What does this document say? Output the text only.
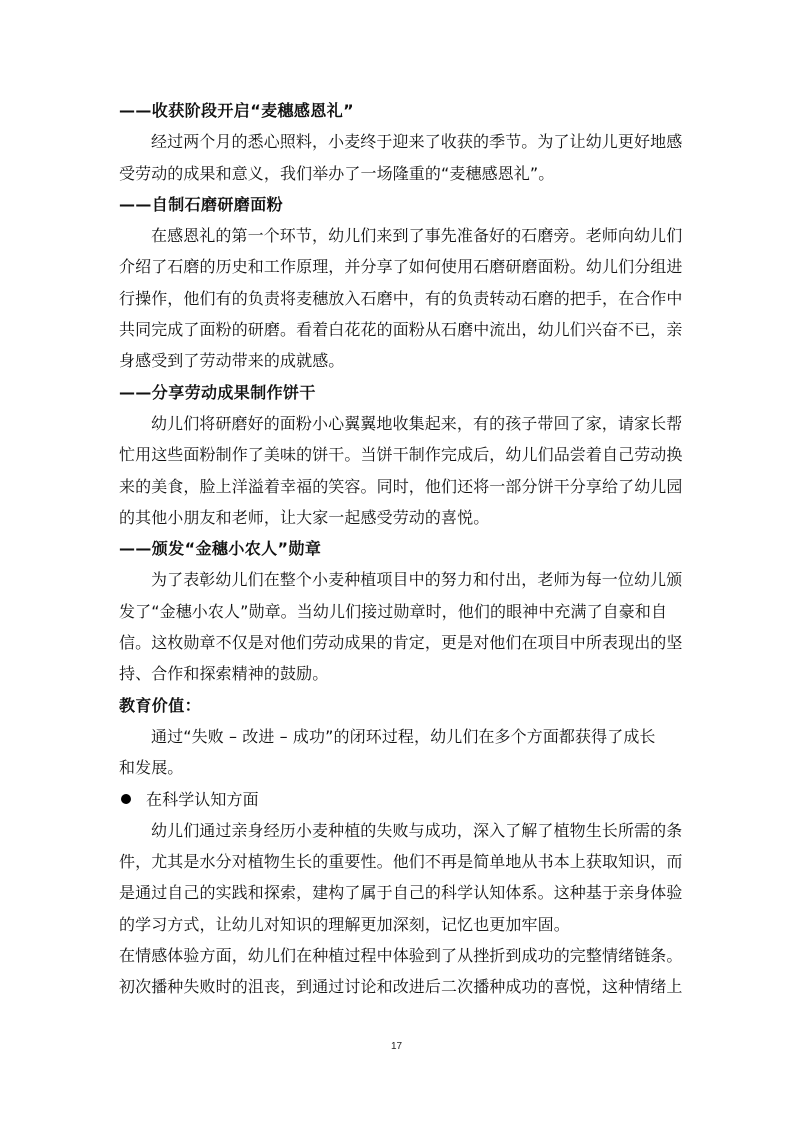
——收获阶段开启“麦穗感恩礼”

经过两个月的悉心照料，小麦终于迎来了收获的季节。为了让幼儿更好地感

受劳动的成果和意义，我们举办了一场隆重的“麦穗感恩礼”。

——自制石磨研磨面粉

在感恩礼的第一个环节，幼儿们来到了事先准备好的石磨旁。老师向幼儿们

介绍了石磨的历史和工作原理，并分享了如何使用石磨研磨面粉。幼儿们分组进

行操作，他们有的负责将麦穗放入石磨中，有的负责转动石磨的把手，在合作中

共同完成了面粉的研磨。看着白花花的面粉从石磨中流出，幼儿们兴奋不已，亲

身感受到了劳动带来的成就感。

——分享劳动成果制作饼干

幼儿们将研磨好的面粉小心翼翼地收集起来，有的孩子带回了家，请家长帮

忙用这些面粉制作了美味的饼干。当饼干制作完成后，幼儿们品尝着自己劳动换

来的美食，脸上洋溢着幸福的笑容。同时，他们还将一部分饼干分享给了幼儿园

的其他小朋友和老师，让大家一起感受劳动的喜悦。

——颁发“金穗小农人”勋章

为了表彰幼儿们在整个小麦种植项目中的努力和付出，老师为每一位幼儿颁

发了“金穗小农人”勋章。当幼儿们接过勋章时，他们的眼神中充满了自豪和自

信。这枚勋章不仅是对他们劳动成果的肯定，更是对他们在项目中所表现出的坚

持、合作和探索精神的鼓励。

教育价值：

通过“失败 – 改进 – 成功”的闭环过程，幼儿们在多个方面都获得了成长

和发展。

在科学认知方面

幼儿们通过亲身经历小麦种植的失败与成功，深入了解了植物生长所需的条

件，尤其是水分对植物生长的重要性。他们不再是简单地从书本上获取知识，而

是通过自己的实践和探索，建构了属于自己的科学认知体系。这种基于亲身体验

的学习方式，让幼儿对知识的理解更加深刻，记忆也更加牢固。

在情感体验方面，幼儿们在种植过程中体验到了从挫折到成功的完整情绪链条。

初次播种失败时的沮丧，到通过讨论和改进后二次播种成功的喜悦，这种情绪上

17
